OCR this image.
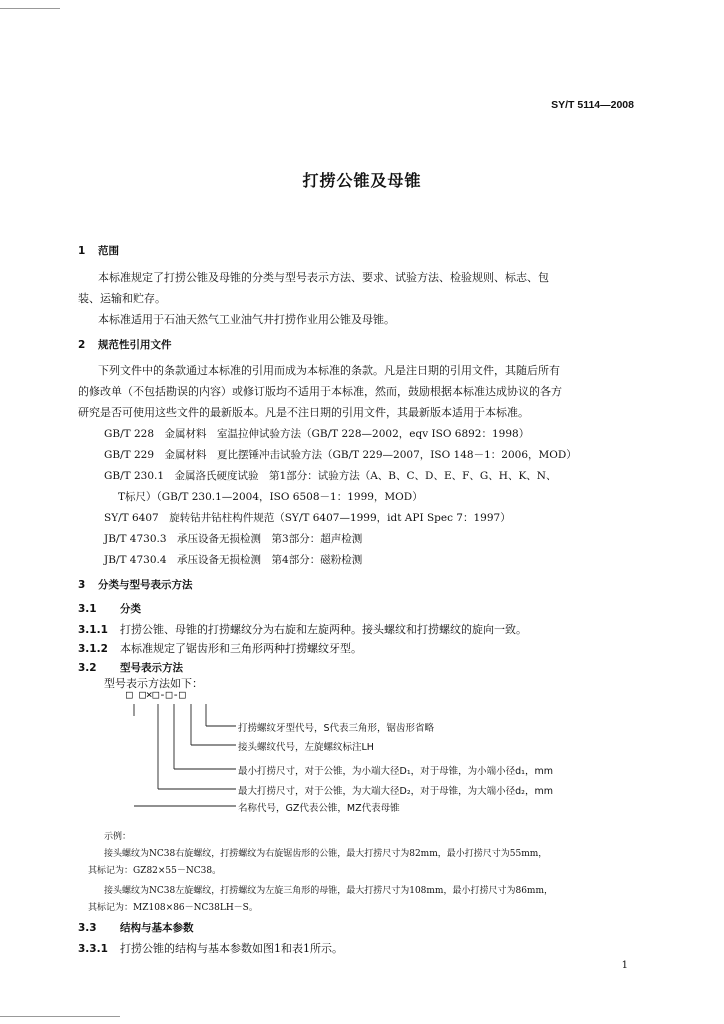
SY/T 5114—2008
打捞公锥及母锥
1 范围
本标准规定了打捞公锥及母锥的分类与型号表示方法、要求、试验方法、检验规则、标志、包
装、运输和贮存。
本标准适用于石油天然气工业油气井打捞作业用公锥及母锥。
2 规范性引用文件
下列文件中的条款通过本标准的引用而成为本标准的条款。凡是注日期的引用文件，其随后所有
的修改单（不包括勘误的内容）或修订版均不适用于本标准，然而，鼓励根据本标准达成协议的各方
研究是否可使用这些文件的最新版本。凡是不注日期的引用文件，其最新版本适用于本标准。
GB/T 228　金属材料　室温拉伸试验方法（GB/T 228—2002，eqv ISO 6892：1998）
GB/T 229　金属材料　夏比摆锤冲击试验方法（GB/T 229—2007，ISO 148－1：2006，MOD）
GB/T 230.1　金属洛氏硬度试验　第1部分：试验方法（A、B、C、D、E、F、G、H、K、N、
T标尺）（GB/T 230.1—2004，ISO 6508－1：1999，MOD）
SY/T 6407　旋转钻井钻柱构件规范（SY/T 6407—1999，idt API Spec 7：1997）
JB/T 4730.3　承压设备无损检测　第3部分：超声检测
JB/T 4730.4　承压设备无损检测　第4部分：磁粉检测
3 分类与型号表示方法
3.1 分类
3.1.1 打捞公锥、母锥的打捞螺纹分为右旋和左旋两种。接头螺纹和打捞螺纹的旋向一致。
3.1.2 本标准规定了锯齿形和三角形两种打捞螺纹牙型。
3.2 型号表示方法
型号表示方法如下：
□ □×□-□-□
打捞螺纹牙型代号，S代表三角形，锯齿形省略
接头螺纹代号，左旋螺纹标注LH
最小打捞尺寸，对于公锥，为小端大径D₁，对于母锥，为小端小径d₁，mm
最大打捞尺寸，对于公锥，为大端大径D₂，对于母锥，为大端小径d₂，mm
名称代号，GZ代表公锥，MZ代表母锥
示例：
接头螺纹为NC38右旋螺纹，打捞螺纹为右旋锯齿形的公锥，最大打捞尺寸为82mm，最小打捞尺寸为55mm，
其标记为：GZ82×55－NC38。
接头螺纹为NC38左旋螺纹，打捞螺纹为左旋三角形的母锥，最大打捞尺寸为108mm，最小打捞尺寸为86mm，
其标记为：MZ108×86－NC38LH－S。
3.3 结构与基本参数
3.3.1 打捞公锥的结构与基本参数如图1和表1所示。
1
